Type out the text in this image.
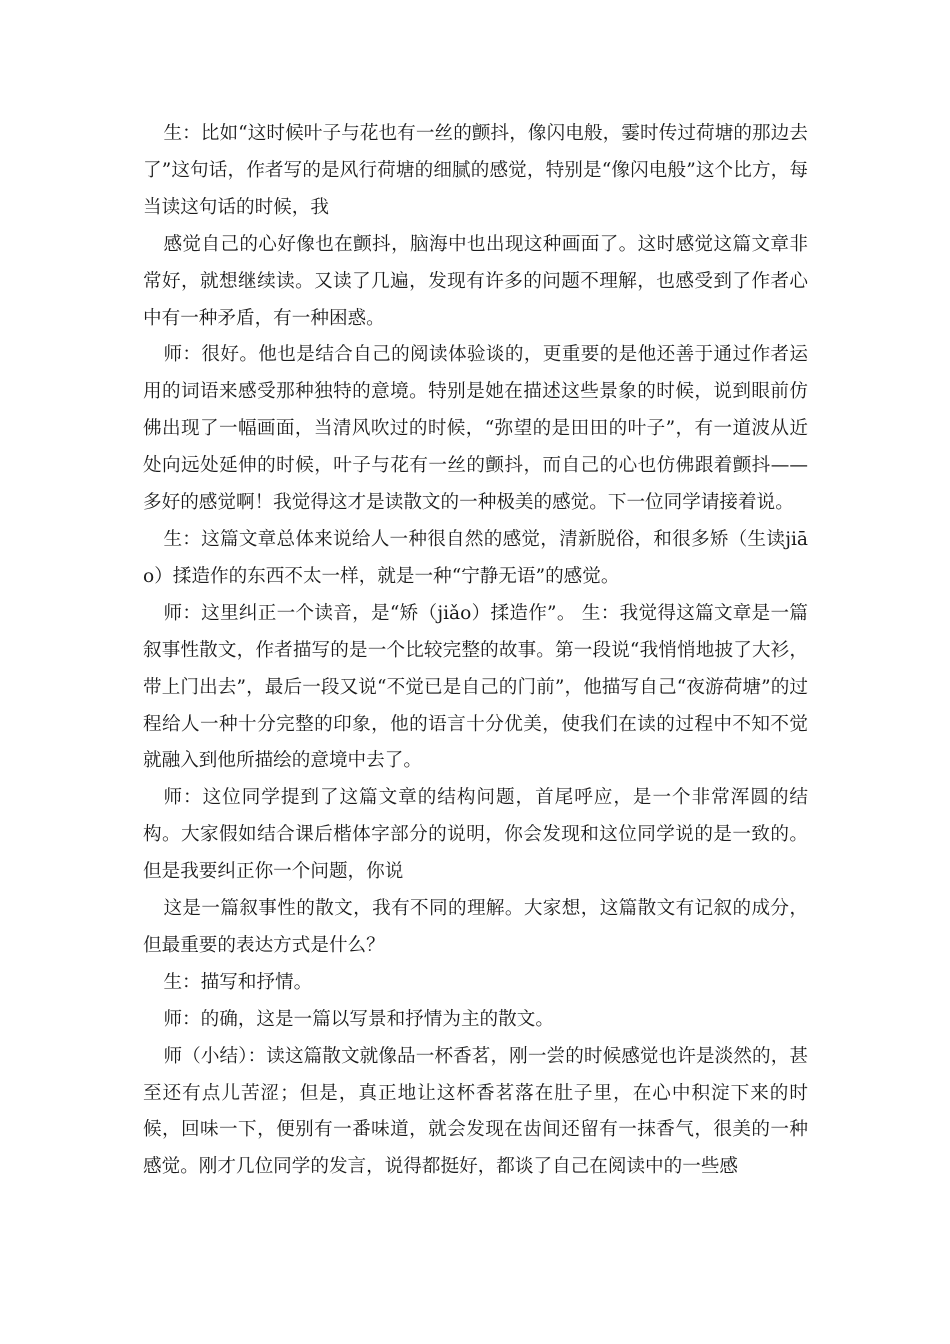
生：比如“这时候叶子与花也有一丝的颤抖，像闪电般，霎时传过荷塘的那边去了”这句话，作者写的是风行荷塘的细腻的感觉，特别是“像闪电般”这个比方，每当读这句话的时候，我

感觉自己的心好像也在颤抖，脑海中也出现这种画面了。这时感觉这篇文章非常好，就想继续读。又读了几遍，发现有许多的问题不理解，也感受到了作者心中有一种矛盾，有一种困惑。

师：很好。他也是结合自己的阅读体验谈的，更重要的是他还善于通过作者运用的词语来感受那种独特的意境。特别是她在描述这些景象的时候，说到眼前仿佛出现了一幅画面，当清风吹过的时候，“弥望的是田田的叶子”，有一道波从近处向远处延伸的时候，叶子与花有一丝的颤抖，而自己的心也仿佛跟着颤抖——多好的感觉啊！我觉得这才是读散文的一种极美的感觉。下一位同学请接着说。

生：这篇文章总体来说给人一种很自然的感觉，清新脱俗，和很多矫（生读jiāo）揉造作的东西不太一样，就是一种“宁静无语”的感觉。

师：这里纠正一个读音，是“矫（jiǎo）揉造作”。 生：我觉得这篇文章是一篇叙事性散文，作者描写的是一个比较完整的故事。第一段说“我悄悄地披了大衫，带上门出去”，最后一段又说“不觉已是自己的门前”，他描写自己“夜游荷塘”的过程给人一种十分完整的印象，他的语言十分优美，使我们在读的过程中不知不觉就融入到他所描绘的意境中去了。

师：这位同学提到了这篇文章的结构问题，首尾呼应，是一个非常浑圆的结构。大家假如结合课后楷体字部分的说明，你会发现和这位同学说的是一致的。但是我要纠正你一个问题，你说

这是一篇叙事性的散文，我有不同的理解。大家想，这篇散文有记叙的成分，但最重要的表达方式是什么？

生：描写和抒情。

师：的确，这是一篇以写景和抒情为主的散文。

师（小结）：读这篇散文就像品一杯香茗，刚一尝的时候感觉也许是淡然的，甚至还有点儿苦涩；但是，真正地让这杯香茗落在肚子里，在心中积淀下来的时候，回味一下，便别有一番味道，就会发现在齿间还留有一抹香气，很美的一种感觉。刚才几位同学的发言，说得都挺好，都谈了自己在阅读中的一些感
